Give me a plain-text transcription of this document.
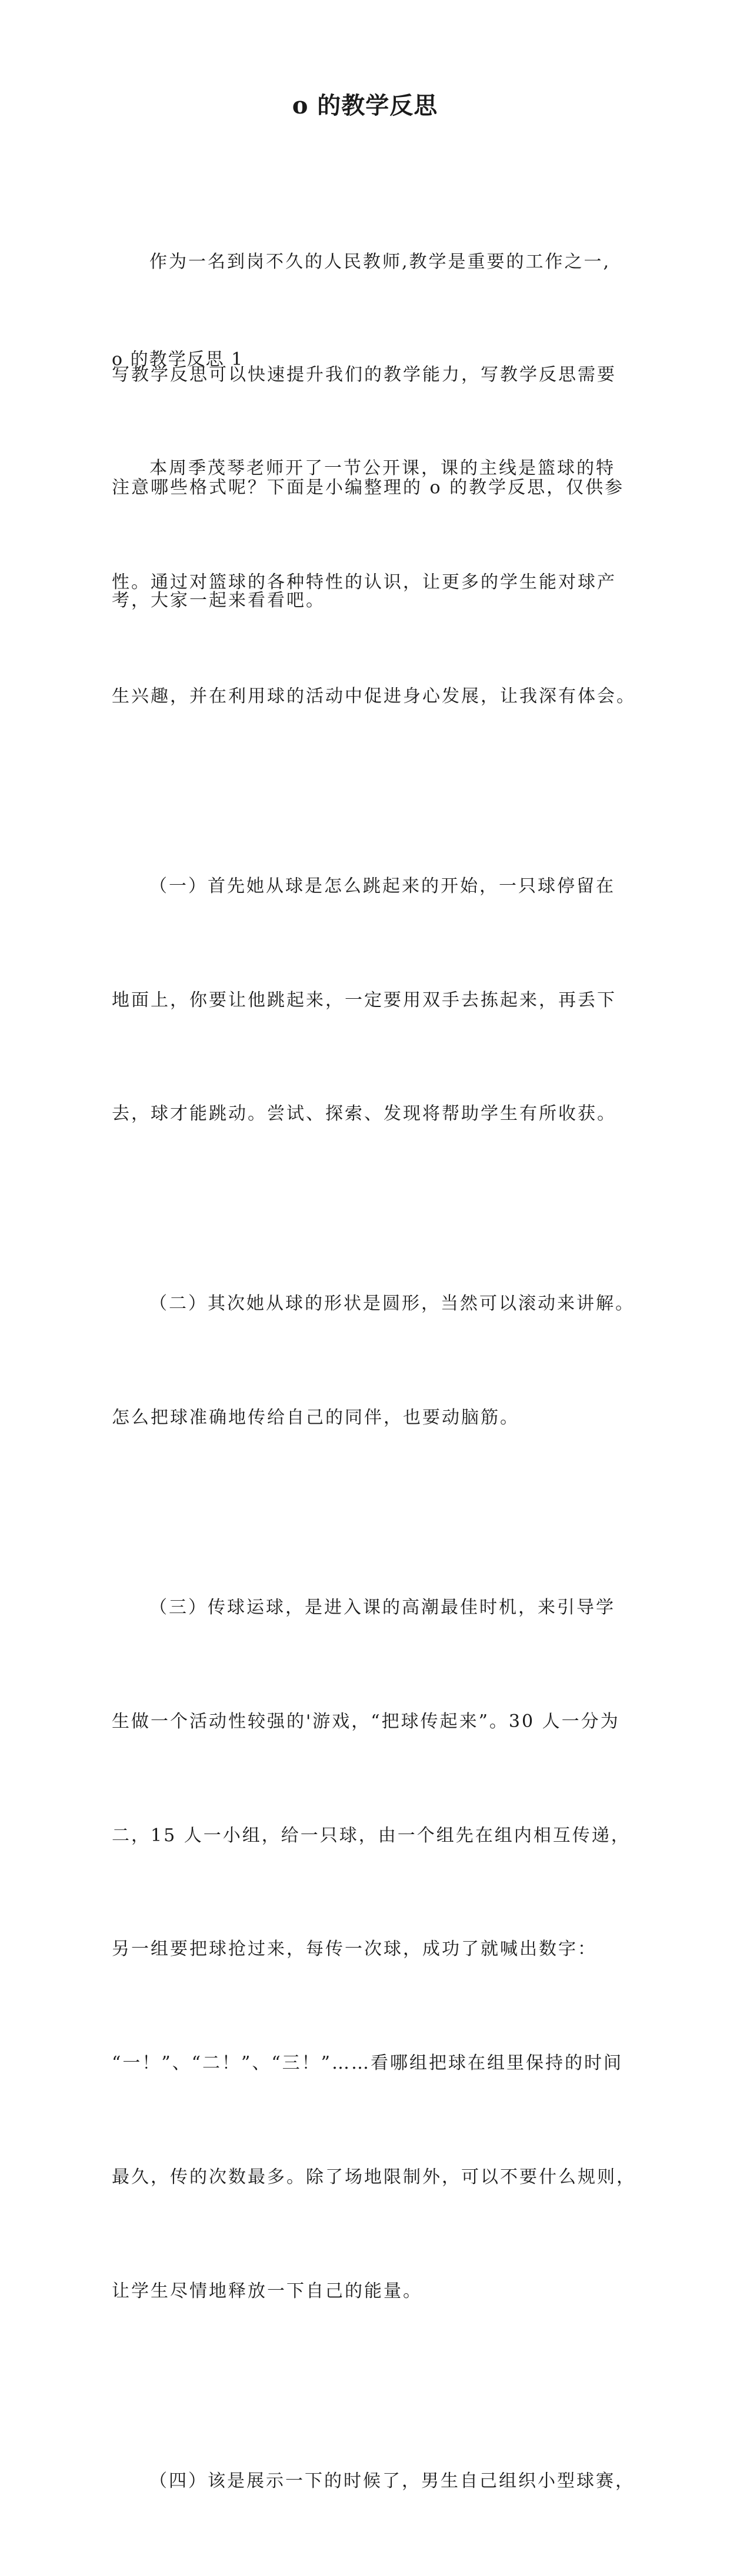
o 的教学反思

作为一名到岗不久的人民教师,教学是重要的工作之一,

写教学反思可以快速提升我们的教学能力，写教学反思需要

注意哪些格式呢？下面是小编整理的 o 的教学反思，仅供参

考，大家一起来看看吧。

o 的教学反思 1

本周季茂琴老师开了一节公开课，课的主线是篮球的特

性。通过对篮球的各种特性的认识，让更多的学生能对球产

生兴趣，并在利用球的活动中促进身心发展，让我深有体会。

（一）首先她从球是怎么跳起来的开始，一只球停留在

地面上，你要让他跳起来，一定要用双手去拣起来，再丢下

去，球才能跳动。尝试、探索、发现将帮助学生有所收获。

（二）其次她从球的形状是圆形，当然可以滚动来讲解。

怎么把球准确地传给自己的同伴，也要动脑筋。

（三）传球运球，是进入课的高潮最佳时机，来引导学

生做一个活动性较强的'游戏，“把球传起来”。30 人一分为

二，15 人一小组，给一只球，由一个组先在组内相互传递，

另一组要把球抢过来，每传一次球，成功了就喊出数字：

“一！”、“二！”、“三！”……看哪组把球在组里保持的时间

最久，传的次数最多。除了场地限制外，可以不要什么规则，

让学生尽情地释放一下自己的能量。

（四）该是展示一下的时候了，男生自己组织小型球赛，
